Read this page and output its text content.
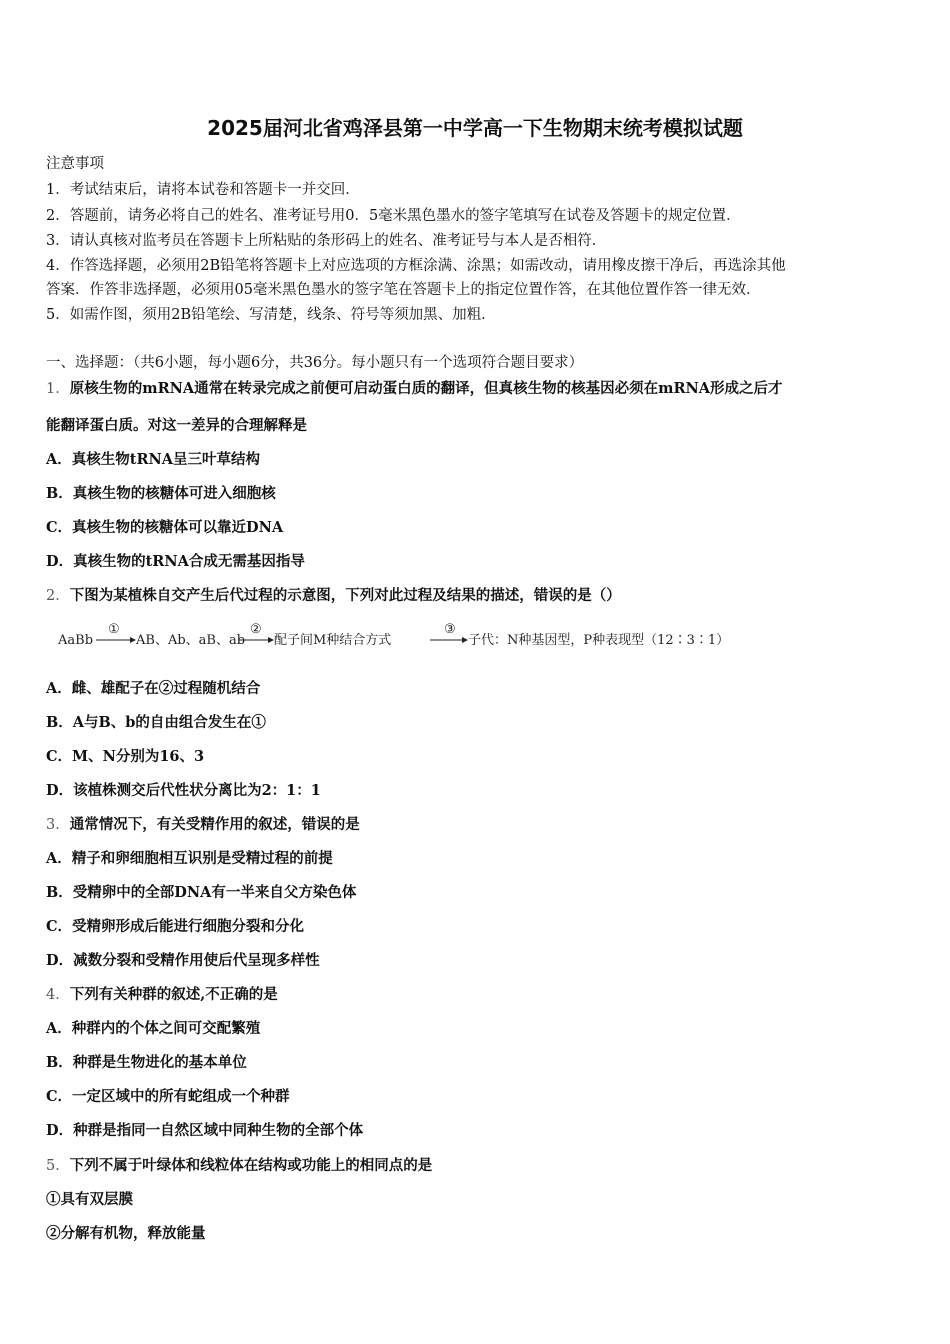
2025届河北省鸡泽县第一中学高一下生物期末统考模拟试题
注意事项
1．考试结束后，请将本试卷和答题卡一并交回．
2．答题前，请务必将自己的姓名、准考证号用0．5毫米黑色墨水的签字笔填写在试卷及答题卡的规定位置．
3．请认真核对监考员在答题卡上所粘贴的条形码上的姓名、准考证号与本人是否相符．
4．作答选择题，必须用2B铅笔将答题卡上对应选项的方框涂满、涂黑；如需改动，请用橡皮擦干净后，再选涂其他
答案．作答非选择题，必须用05毫米黑色墨水的签字笔在答题卡上的指定位置作答，在其他位置作答一律无效．
5．如需作图，须用2B铅笔绘、写清楚，线条、符号等须加黑、加粗．
一、选择题：（共6小题，每小题6分，共36分。每小题只有一个选项符合题目要求）
1．原核生物的mRNA通常在转录完成之前便可启动蛋白质的翻译，但真核生物的核基因必须在mRNA形成之后才
能翻译蛋白质。对这一差异的合理解释是
A．真核生物tRNA呈三叶草结构
B．真核生物的核糖体可进入细胞核
C．真核生物的核糖体可以靠近DNA
D．真核生物的tRNA合成无需基因指导
2．下图为某植株自交产生后代过程的示意图，下列对此过程及结果的描述，错误的是（）
AaBb
①
AB、Ab、aB、ab
②
配子间M种结合方式
③
子代：N种基因型，P种表现型（12∶3∶1）
A．雌、雄配子在②过程随机结合
B．A与B、b的自由组合发生在①
C．M、N分别为16、3
D．该植株测交后代性状分离比为2：1：1
3．通常情况下，有关受精作用的叙述，错误的是
A．精子和卵细胞相互识别是受精过程的前提
B．受精卵中的全部DNA有一半来自父方染色体
C．受精卵形成后能进行细胞分裂和分化
D．减数分裂和受精作用使后代呈现多样性
4．下列有关种群的叙述,不正确的是
A．种群内的个体之间可交配繁殖
B．种群是生物进化的基本单位
C．一定区域中的所有蛇组成一个种群
D．种群是指同一自然区域中同种生物的全部个体
5．下列不属于叶绿体和线粒体在结构或功能上的相同点的是
①具有双层膜
②分解有机物，释放能量
